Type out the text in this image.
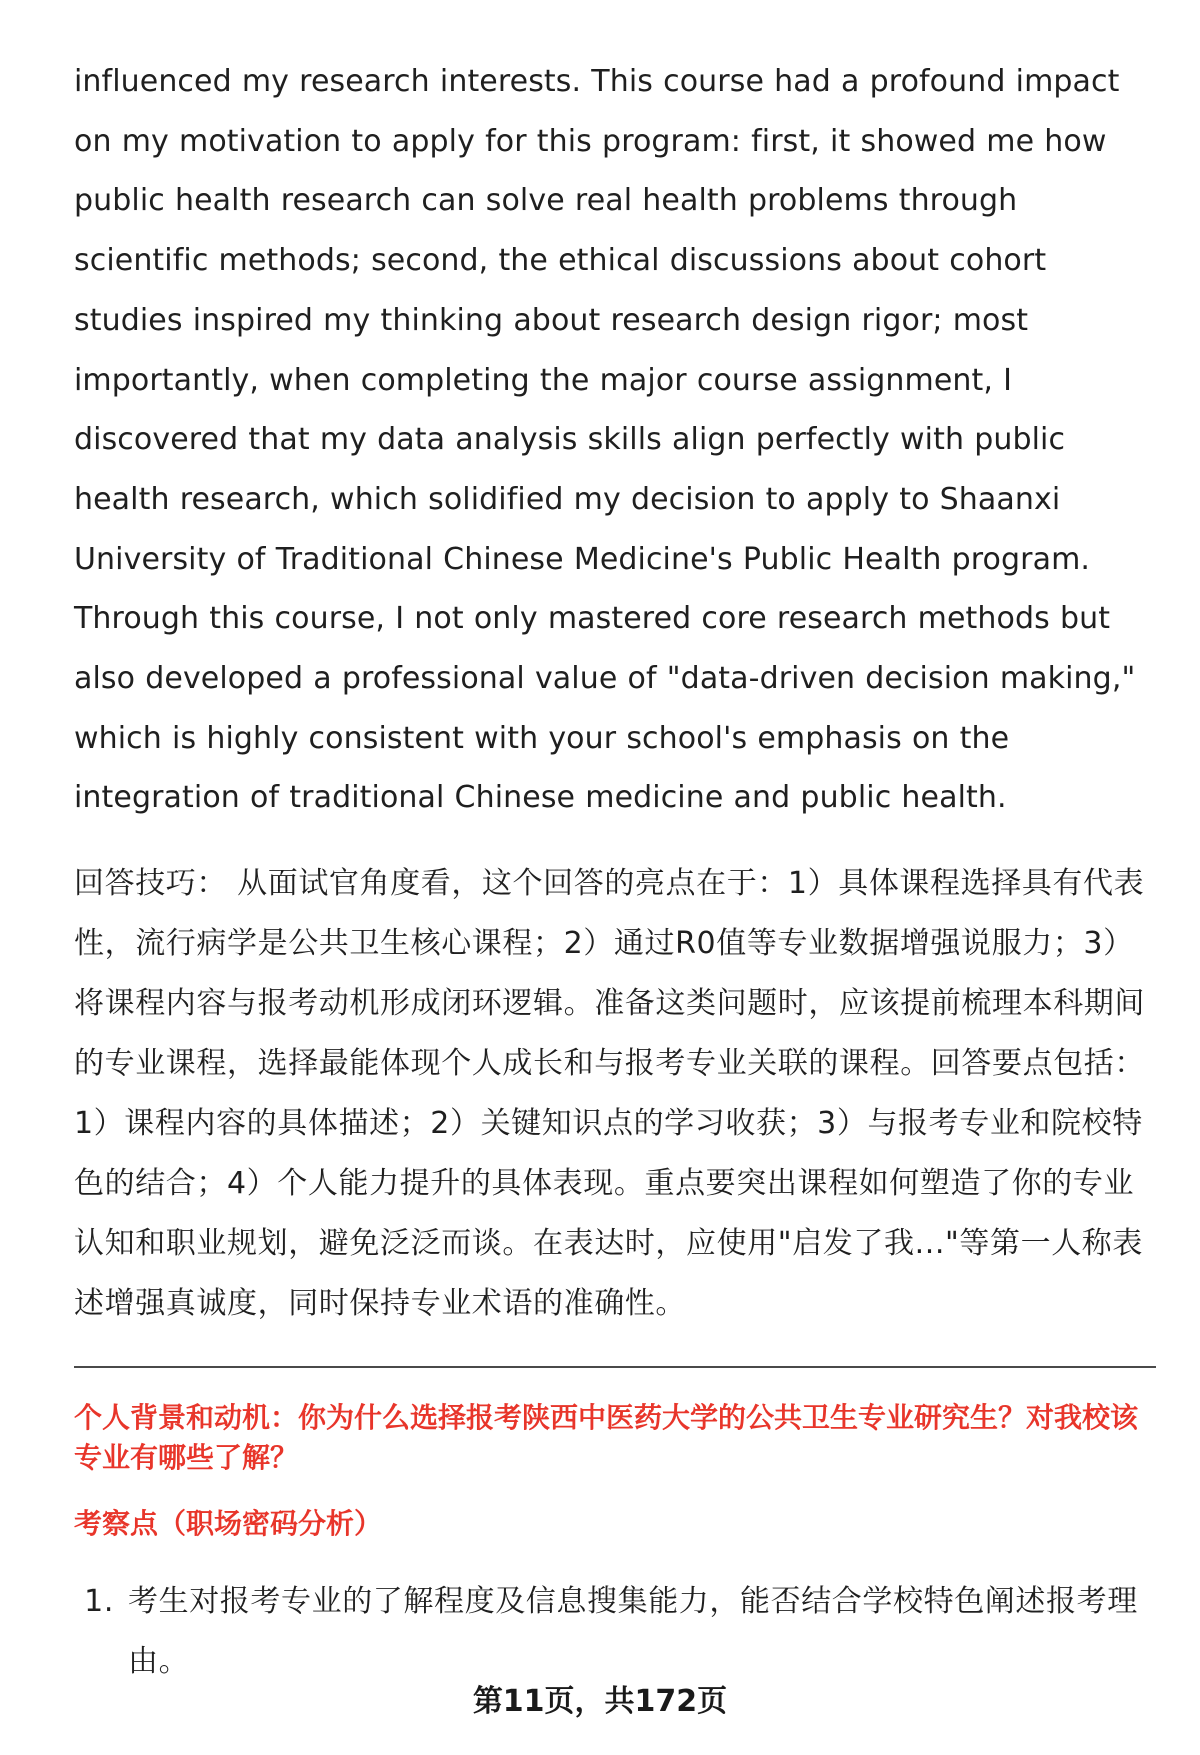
influenced my research interests. This course had a profound impact on my motivation to apply for this program: first, it showed me how public health research can solve real health problems through scientific methods; second, the ethical discussions about cohort studies inspired my thinking about research design rigor; most importantly, when completing the major course assignment, I discovered that my data analysis skills align perfectly with public health research, which solidified my decision to apply to Shaanxi University of Traditional Chinese Medicine's Public Health program. Through this course, I not only mastered core research methods but also developed a professional value of "data-driven decision making," which is highly consistent with your school's emphasis on the integration of traditional Chinese medicine and public health.

回答技巧： 从面试官角度看，这个回答的亮点在于：1）具体课程选择具有代表性，流行病学是公共卫生核心课程；2）通过R0值等专业数据增强说服力；3）将课程内容与报考动机形成闭环逻辑。准备这类问题时，应该提前梳理本科期间的专业课程，选择最能体现个人成长和与报考专业关联的课程。回答要点包括：1）课程内容的具体描述；2）关键知识点的学习收获；3）与报考专业和院校特色的结合；4）个人能力提升的具体表现。重点要突出课程如何塑造了你的专业认知和职业规划，避免泛泛而谈。在表达时，应使用"启发了我..."等第一人称表述增强真诚度，同时保持专业术语的准确性。

个人背景和动机：你为什么选择报考陕西中医药大学的公共卫生专业研究生？对我校该专业有哪些了解？
考察点（职场密码分析）
1. 考生对报考专业的了解程度及信息搜集能力，能否结合学校特色阐述报考理由。
第11页，共172页
